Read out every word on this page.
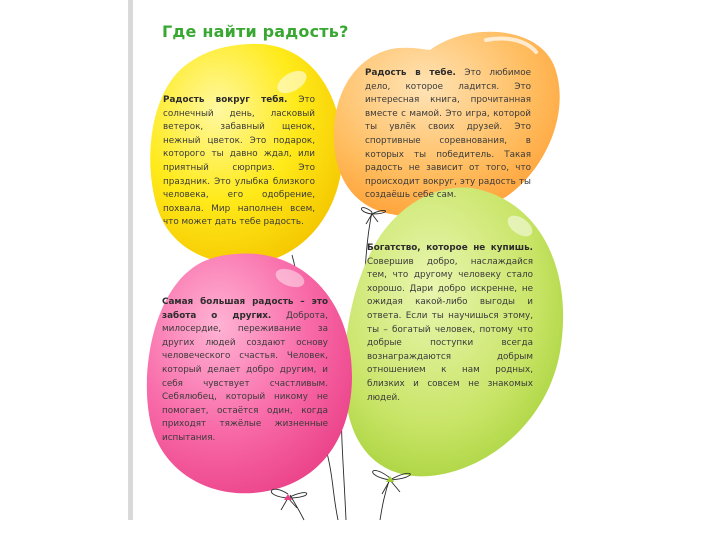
Где найти радость?

Радость вокруг тебя. Это солнечный день, ласковый ветерок, забавный щенок, нежный цветок. Это подарок, которого ты давно ждал, или приятный сюрприз. Это праздник. Это улыбка близкого человека, его одобрение, похвала. Мир наполнен всем, что может дать тебе радость.

Радость в тебе. Это любимое дело, которое ладится. Это интересная книга, прочитанная вместе с мамой. Это игра, которой ты увлёк своих друзей. Это спортивные соревнования, в которых ты победитель. Такая радость не зависит от того, что происходит вокруг, эту радость ты создаёшь себе сам.

Богатство, которое не купишь. Совершив добро, наслаждайся тем, что другому человеку стало хорошо. Дари добро искренне, не ожидая какой-либо выгоды и ответа. Если ты научишься этому, ты – богатый человек, потому что добрые поступки всегда вознаграждаются добрым отношением к нам родных, близких и совсем не знакомых людей.

Самая большая радость – это забота о других. Доброта, милосердие, переживание за других людей создают основу человеческого счастья. Человек, который делает добро другим, и себя чувствует счастливым. Себялюбец, который никому не помогает, остаётся один, когда приходят тяжёлые жизненные испытания.
